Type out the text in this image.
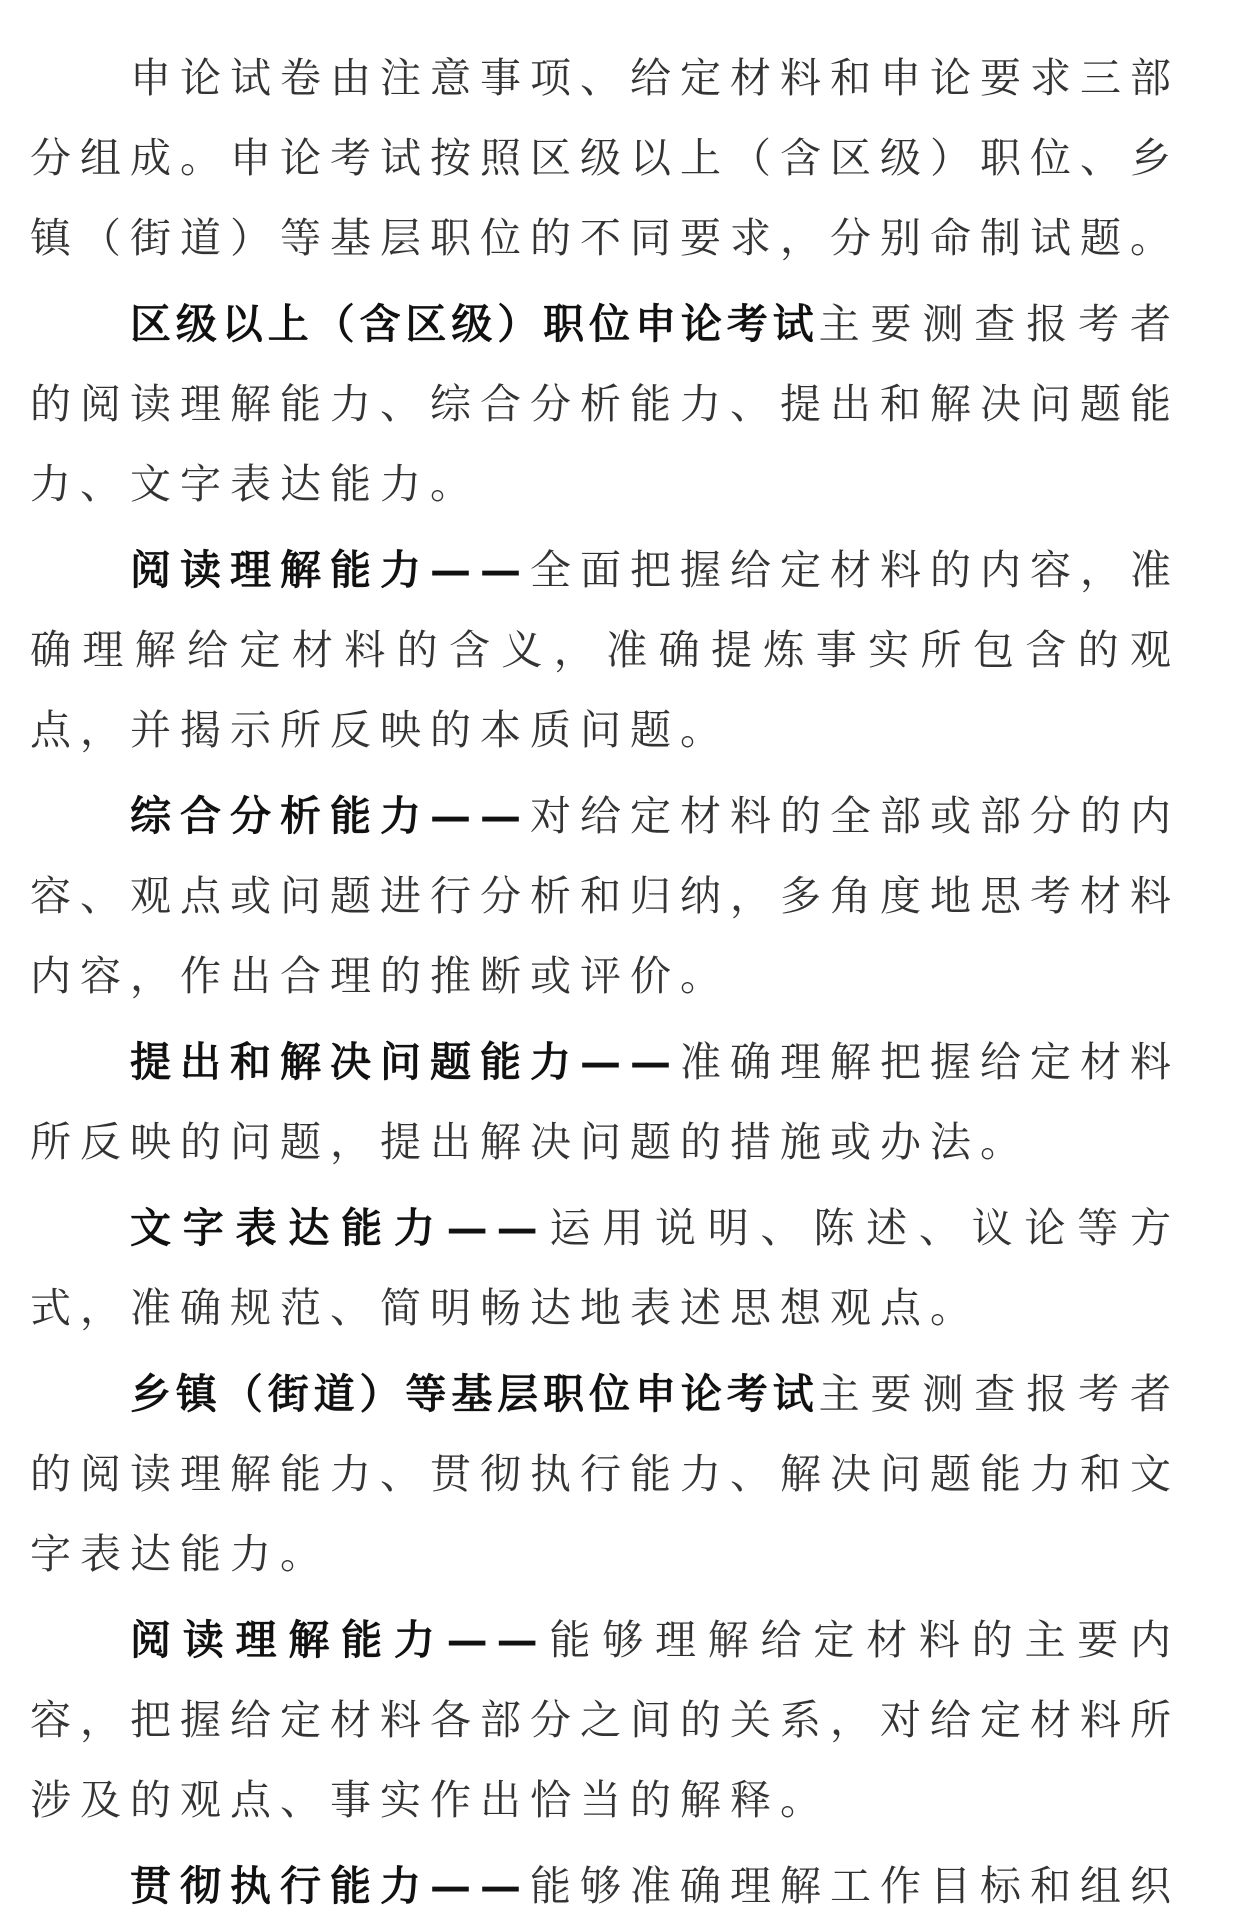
申论试卷由注意事项、给定材料和申论要求三部分组成。申论考试按照区级以上（含区级）职位、乡镇（街道）等基层职位的不同要求，分别命制试题。

区级以上（含区级）职位申论考试主要测查报考者的阅读理解能力、综合分析能力、提出和解决问题能力、文字表达能力。

阅读理解能力——全面把握给定材料的内容，准确理解给定材料的含义，准确提炼事实所包含的观点，并揭示所反映的本质问题。

综合分析能力——对给定材料的全部或部分的内容、观点或问题进行分析和归纳，多角度地思考材料内容，作出合理的推断或评价。

提出和解决问题能力——准确理解把握给定材料所反映的问题，提出解决问题的措施或办法。

文字表达能力——运用说明、陈述、议论等方式，准确规范、简明畅达地表述思想观点。

乡镇（街道）等基层职位申论考试主要测查报考者的阅读理解能力、贯彻执行能力、解决问题能力和文字表达能力。

阅读理解能力——能够理解给定材料的主要内容，把握给定材料各部分之间的关系，对给定材料所涉及的观点、事实作出恰当的解释。

贯彻执行能力——能够准确理解工作目标和组织
